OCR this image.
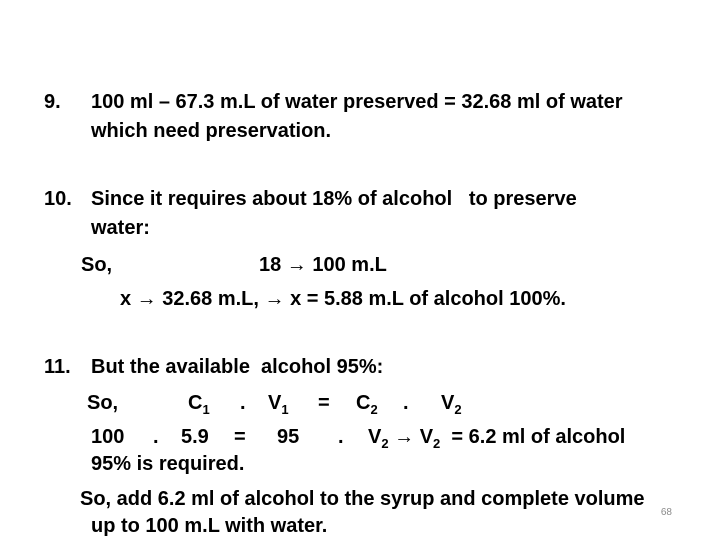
9. 100 ml – 67.3 m.L of water preserved = 32.68 ml of water
which need preservation.
10. Since it requires about 18% of alcohol   to preserve
water:
So,	18 → 100 m.L
x → 32.68 m.L, → x = 5.88 m.L of alcohol 100%.
11. But the available  alcohol 95%:
So,	$C_1$ . $V_1 = C_2$ . $V_2$
100 . 5.9 = 95 . $V_2 \to V_2 = 6.2$ ml of alcohol
95% is required.
So, add 6.2 ml of alcohol to the syrup and complete volume
up to 100 m.L with water.
68
